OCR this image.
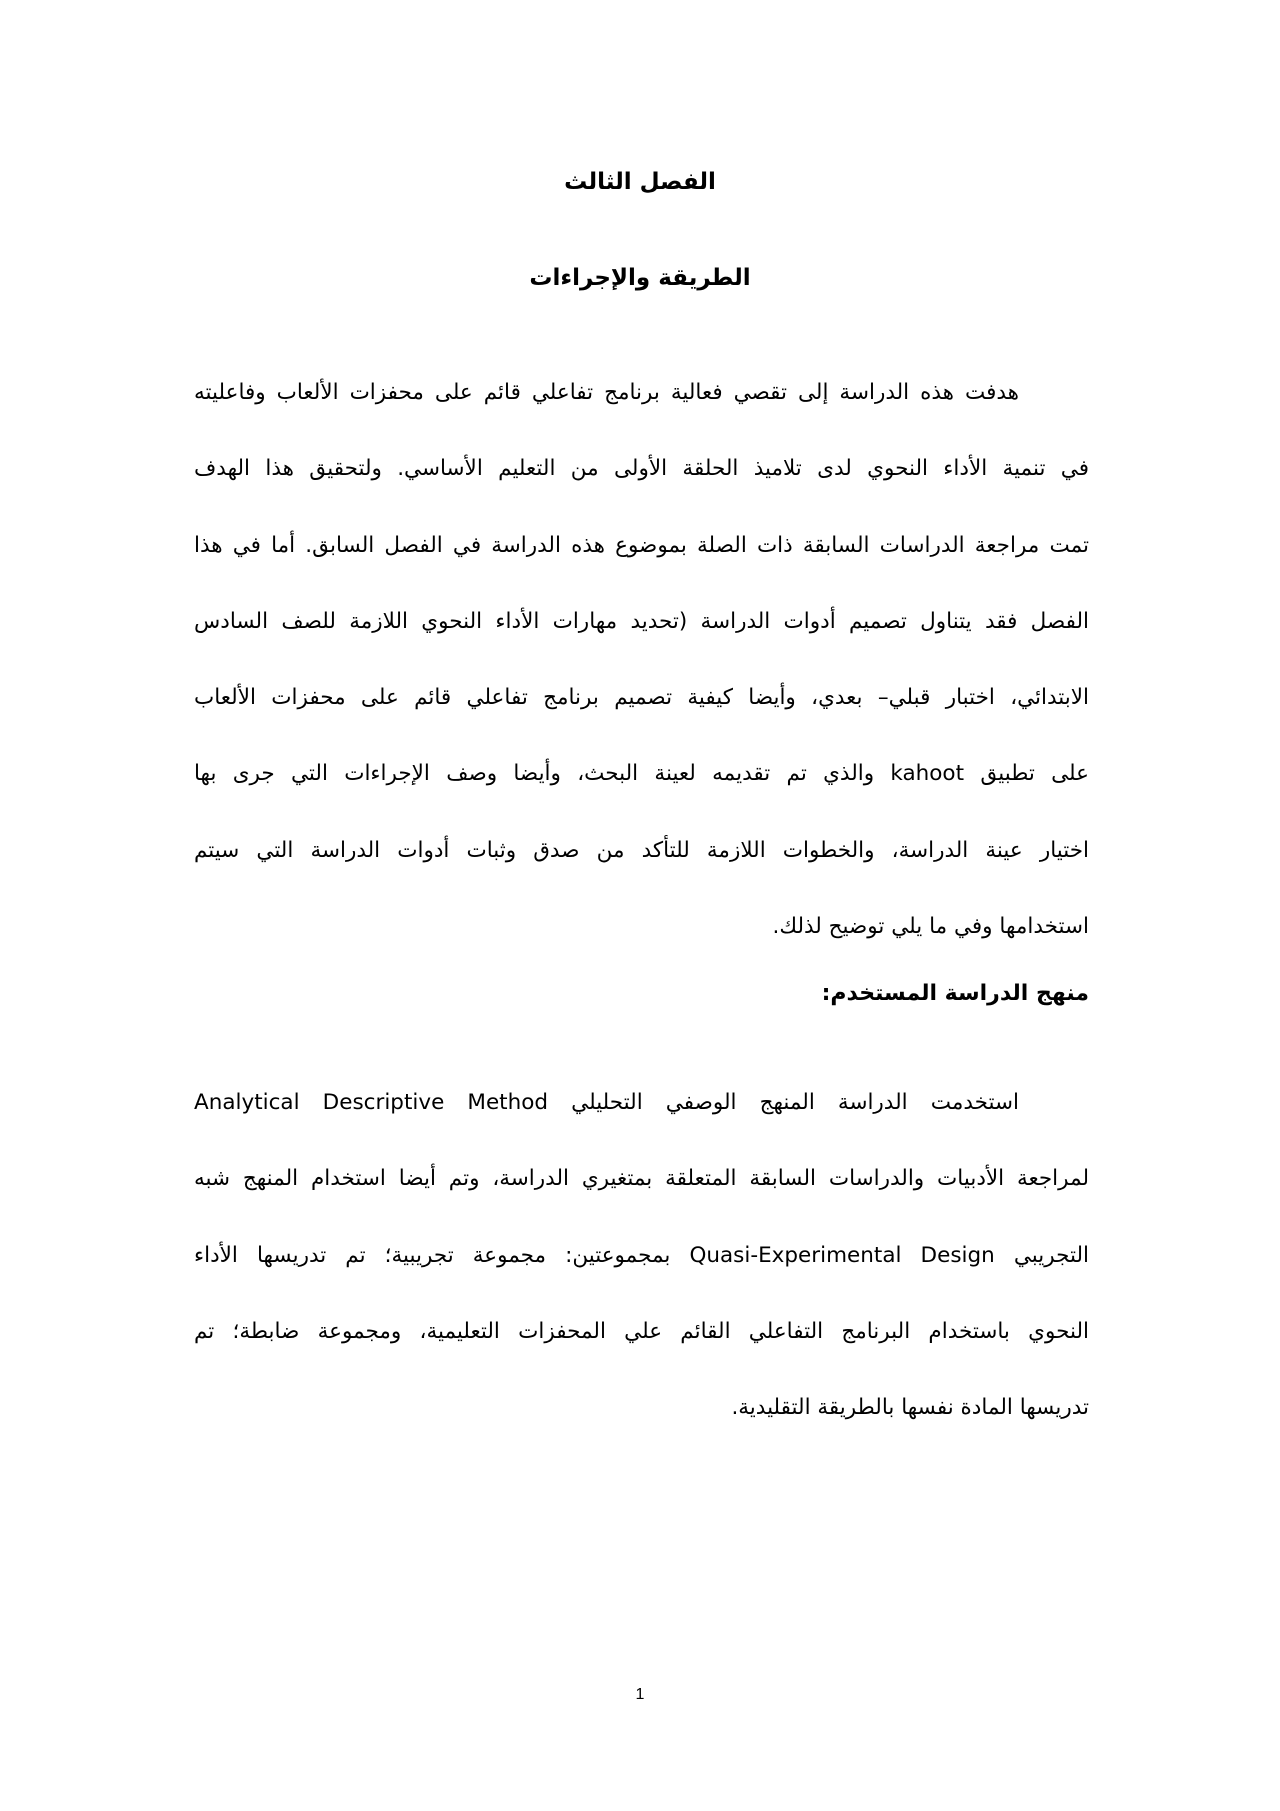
الفصل الثالث
الطريقة والإجراءات
هدفت هذه الدراسة إلى تقصي فعالية برنامج تفاعلي قائم على محفزات الألعاب وفاعليته
في تنمية الأداء النحوي لدى تلاميذ الحلقة الأولى من التعليم الأساسي. ولتحقيق هذا الهدف
تمت مراجعة الدراسات السابقة ذات الصلة بموضوع هذه الدراسة في الفصل السابق. أما في هذا
الفصل فقد يتناول تصميم أدوات الدراسة (تحديد مهارات الأداء النحوي اللازمة للصف السادس
الابتدائي، اختبار قبلي– بعدي، وأيضا كيفية تصميم برنامج تفاعلي قائم على محفزات الألعاب
على تطبيق kahoot والذي تم تقديمه لعينة البحث، وأيضا وصف الإجراءات التي جرى بها
اختيار عينة الدراسة، والخطوات اللازمة للتأكد من صدق وثبات أدوات الدراسة التي سيتم
استخدامها وفي ما يلي توضيح لذلك.
منهج الدراسة المستخدم:
استخدمت الدراسة المنهج الوصفي التحليلي Analytical Descriptive Method
لمراجعة الأدبيات والدراسات السابقة المتعلقة بمتغيري الدراسة، وتم أيضا استخدام المنهج شبه
التجريبي Quasi-Experimental Design بمجموعتين: مجموعة تجريبية؛ تم تدريسها الأداء
النحوي باستخدام البرنامج التفاعلي القائم علي المحفزات التعليمية، ومجموعة ضابطة؛ تم
تدريسها المادة نفسها بالطريقة التقليدية.
1
